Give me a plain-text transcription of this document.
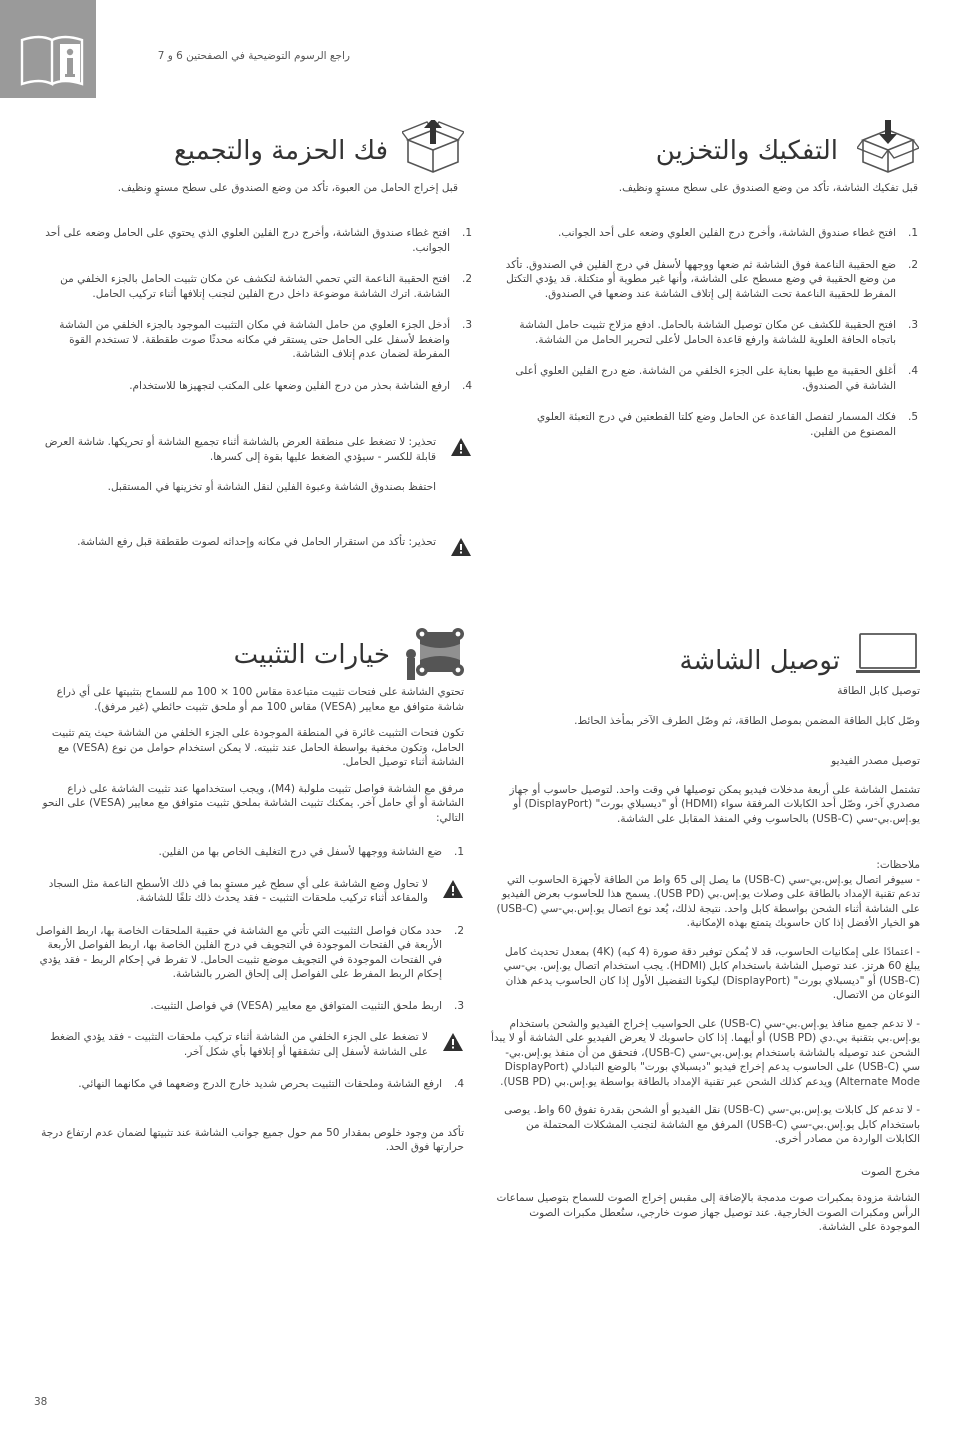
راجع الرسوم التوضيحية في الصفحتين 6 و 7
التفكيك والتخزين
قبل تفكيك الشاشة، تأكد من وضع الصندوق على سطح مستوٍ ونظيف.
1.
افتح غطاء صندوق الشاشة، وأخرج درج الفلين العلوي وضعه على أحد الجوانب.
2.
ضع الحقيبة الناعمة فوق الشاشة ثم ضعها ووجهها لأسفل في درج الفلين في الصندوق. تأكد من وضع الحقيبة في وضع مسطح على الشاشة، وأنها غير مطوية أو متكتلة. قد يؤدي التكتل المفرط للحقيبة الناعمة تحت الشاشة إلى إتلاف الشاشة عند وضعها في الصندوق.
3.
افتح الحقيبة للكشف عن مكان توصيل الشاشة بالحامل. ادفع مزلاج تثبيت حامل الشاشة باتجاه الحافة العلوية للشاشة وارفع قاعدة الحامل لأعلى لتحرير الحامل من الشاشة.
4.
أغلق الحقيبة مع طيها بعناية على الجزء الخلفي من الشاشة. ضع درج الفلين العلوي أعلى الشاشة في الصندوق.
5.
فكك المسمار لتفصل القاعدة عن الحامل وضع كلتا القطعتين في درج التعبئة العلوي المصنوع من الفلين.
فك الحزمة والتجميع
قبل إخراج الحامل من العبوة، تأكد من وضع الصندوق على سطح مستوٍ ونظيف.
1.
افتح غطاء صندوق الشاشة، وأخرج درج الفلين العلوي الذي يحتوي على الحامل وضعه على أحد الجوانب.
2.
افتح الحقيبة الناعمة التي تحمي الشاشة لتكشف عن مكان تثبيت الحامل بالجزء الخلفي من الشاشة. اترك الشاشة موضوعة داخل درج الفلين لتجنب إتلافها أثناء تركيب الحامل.
3.
أدخل الجزء العلوي من حامل الشاشة في مكان التثبيت الموجود بالجزء الخلفي من الشاشة واضغط لأسفل على الحامل حتى يستقر في مكانه محدثًا صوت طقطقة. لا تستخدم القوة المفرطة لضمان عدم إتلاف الشاشة.
4.
ارفع الشاشة بحذر من درج الفلين وضعها على المكتب لتجهيزها للاستخدام.

تحذير: لا تضغط على منطقة العرض بالشاشة أثناء تجميع الشاشة أو تحريكها. شاشة العرض قابلة للكسر - سيؤدي الضغط عليها بقوة إلى كسرها.

احتفظ بصندوق الشاشة وعبوة الفلين لنقل الشاشة أو تخزينها في المستقبل.

تحذير: تأكد من استقرار الحامل في مكانه وإحداثه لصوت طقطقة قبل رفع الشاشة.

توصيل الشاشة
توصيل كابل الطاقة
وصّل كابل الطاقة المضمن بموصل الطاقة، ثم وصّل الطرف الآخر بمأخذ الحائط.
توصيل مصدر الفيديو
تشتمل الشاشة على أربعة مدخلات فيديو يمكن توصيلها في وقت واحد. لتوصيل حاسوب أو جهاز مصدري آخر، وصّل أحد الكابلات المرفقة سواء (HDMI) أو "ديسبلاي بورت" (DisplayPort) أو يو.إس.بي-سي (USB-C) بالحاسوب وفي المنفذ المقابل على الشاشة.
ملاحظات:
- سيوفر اتصال يو.إس.بي-سي (USB-C) ما يصل إلى 65 واط من الطاقة لأجهزة الحاسوب التي تدعم تقنية الإمداد بالطاقة على وصلات يو.إس.بي (USB PD). يسمح هذا للحاسوب بعرض الفيديو على الشاشة أثناء الشحن بواسطة كابل واحد. نتيجة لذلك، يُعد نوع اتصال يو.إس.بي-سي (USB-C) هو الخيار الأفضل إذا كان حاسوبك يتمتع بهذه الإمكانية.
- اعتمادًا على إمكانيات الحاسوب، قد لا يُمكن توفير دقة صورة (4 كيه) (4K) بمعدل تحديث كامل يبلغ 60 هرتز. عند توصيل الشاشة باستخدام كابل (HDMI). يجب استخدام اتصال يو.إس. بي-سي (USB-C) أو "ديسبلاي بورت" (DisplayPort) ليكونا التفضيل الأول إذا كان الحاسوب يدعم هذان النوعان من الاتصال.
- لا تدعم جميع منافذ يو.إس.بي-سي (USB-C) على الحواسيب إخراج الفيديو والشحن باستخدام يو.إس.بي بتقنية بي.دي (USB PD) أو أيهما. إذا كان حاسوبك لا يعرض الفيديو على الشاشة أو لا يبدأ الشحن عند توصيله بالشاشة باستخدام يو.إس.بي-سي (USB-C)، فتحقق من أن منفذ يو.إس.بي-سي (USB-C) على الحاسوب يدعم إخراج فيديو "ديسبلاي بورت" بالوضع التبادلي (DisplayPort Alternate Mode) ويدعم كذلك الشحن عبر تقنية الإمداد بالطاقة بواسطة يو.إس.بي (USB PD).
- لا تدعم كل كابلات يو.إس.بي-سي (USB-C) نقل الفيديو أو الشحن بقدرة تفوق 60 واط. يوصى باستخدام كابل يو.إس.بي-سي (USB-C) المرفق مع الشاشة لتجنب المشكلات المحتملة من الكابلات الواردة من مصادر أخرى.
مخرج الصوت
الشاشة مزودة بمكبرات صوت مدمجة بالإضافة إلى مقبس إخراج الصوت للسماح بتوصيل سماعات الرأس ومكبرات الصوت الخارجية. عند توصيل جهاز صوت خارجي، سنُعطل مكبرات الصوت الموجودة على الشاشة.
خيارات التثبيت
تحتوي الشاشة على فتحات تثبيت متباعدة مقاس 100 × 100 مم للسماح بتثبيتها على أي ذراع شاشة متوافق مع معايير (VESA) مقاس 100 مم أو ملحق تثبيت حائطي (غير مرفق).
تكون فتحات التثبيت غائرة في المنطقة الموجودة على الجزء الخلفي من الشاشة حيث يتم تثبيت الحامل، وتكون مخفية بواسطة الحامل عند تثبيته. لا يمكن استخدام حوامل من نوع (VESA) مع الشاشة أثناء توصيل الحامل.
مرفق مع الشاشة فواصل تثبيت ملولبة (M4)، ويجب استخدامها عند تثبيت الشاشة على ذراع الشاشة أو أي حامل آخر. يمكنك تثبيت الشاشة بملحق تثبيت متوافق مع معايير (VESA) على النحو التالي:
1.
ضع الشاشة ووجهها لأسفل في درج التغليف الخاص بها من الفلين.

لا تحاول وضع الشاشة على أي سطح غير مستوٍ بما في ذلك الأسطح الناعمة مثل السجاد والمقاعد أثناء تركيب ملحقات التثبيت - فقد يحدث ذلك تلفًا للشاشة.

2.
حدد مكان فواصل التثبيت التي تأتي مع الشاشة في حقيبة الملحقات الخاصة بها، اربط الفواصل الأربعة في الفتحات الموجودة في التجويف في درج الفلين الخاصة بها، اربط الفواصل الأربعة في الفتحات الموجودة في التجويف موضع تثبيت الحامل. لا تفرط في إحكام الربط - فقد يؤدي إحكام الربط المفرط على الفواصل إلى إلحاق الضرر بالشاشة.
3.
اربط ملحق التثبيت المتوافق مع معايير (VESA) في فواصل التثبيت.

لا تضغط على الجزء الخلفي من الشاشة أثناء تركيب ملحقات التثبيت - فقد يؤدي الضغط على الشاشة لأسفل إلى تشققها أو إتلافها بأي شكل آخر.

4.
ارفع الشاشة وملحقات التثبيت بحرص شديد خارج الدرج وضعهما في مكانهما النهائي.
تأكد من وجود خلوص بمقدار 50 مم حول جميع جوانب الشاشة عند تثبيتها لضمان عدم ارتفاع درجة حرارتها فوق الحد.
38
